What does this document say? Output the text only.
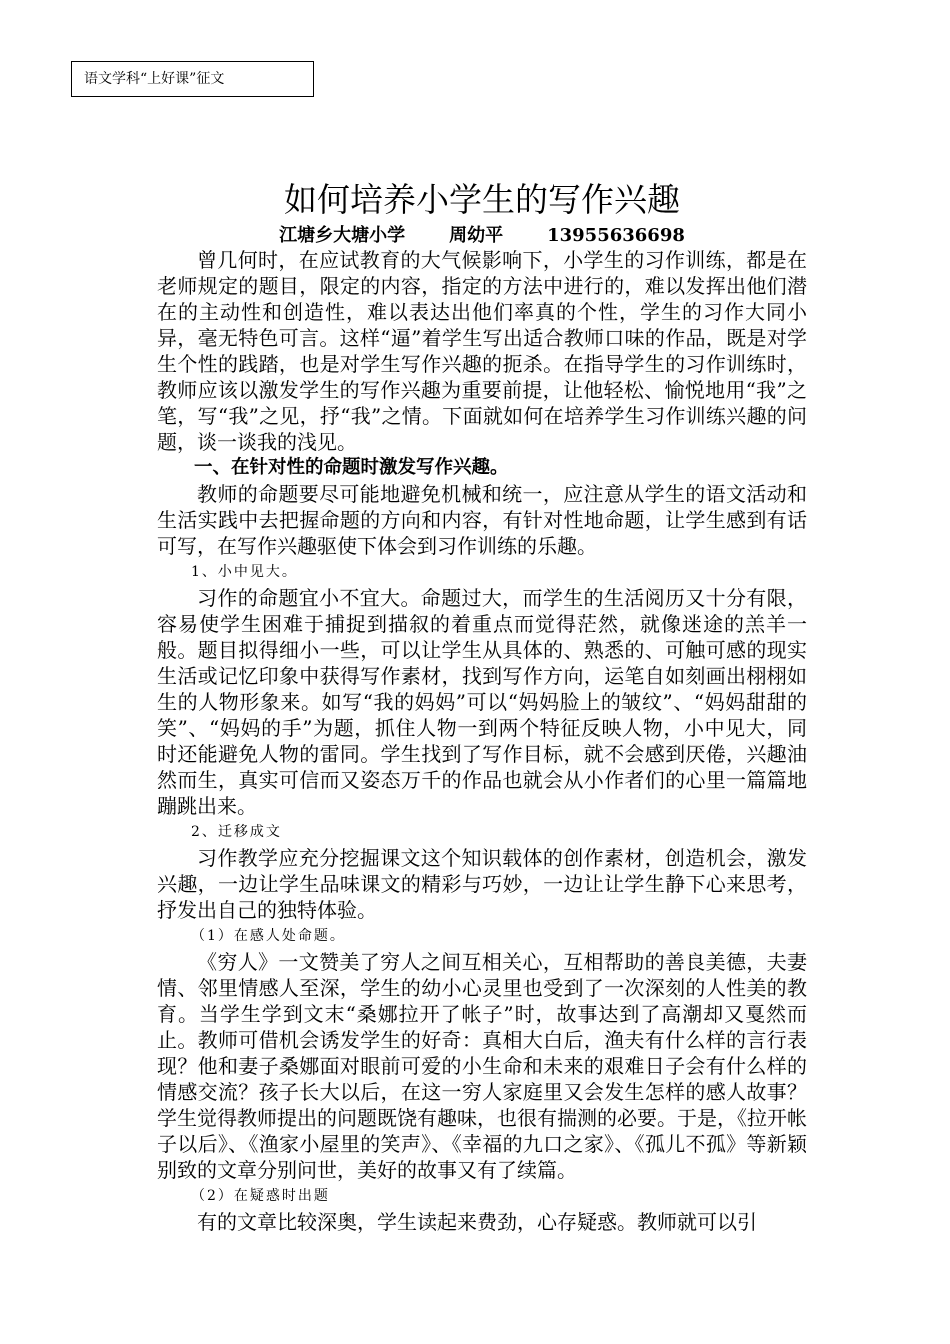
语文学科“上好课”征文
如何培养小学生的写作兴趣
江塘乡大塘小学 周幼平 13955636698

曾几何时，在应试教育的大气候影响下，小学生的习作训练，都是在老师规定的题目，限定的内容，指定的方法中进行的，难以发挥出他们潜在的主动性和创造性，难以表达出他们率真的个性，学生的习作大同小异，毫无特色可言。这样“逼”着学生写出适合教师口味的作品，既是对学生个性的践踏，也是对学生写作兴趣的扼杀。在指导学生的习作训练时，教师应该以激发学生的写作兴趣为重要前提，让他轻松、愉悦地用“我”之笔，写“我”之见，抒“我”之情。下面就如何在培养学生习作训练兴趣的问题，谈一谈我的浅见。

一、在针对性的命题时激发写作兴趣。

教师的命题要尽可能地避免机械和统一，应注意从学生的语文活动和生活实践中去把握命题的方向和内容，有针对性地命题，让学生感到有话可写，在写作兴趣驱使下体会到习作训练的乐趣。

1、小中见大。

习作的命题宜小不宜大。命题过大，而学生的生活阅历又十分有限，容易使学生困难于捕捉到描叙的着重点而觉得茫然，就像迷途的羔羊一般。题目拟得细小一些，可以让学生从具体的、熟悉的、可触可感的现实生活或记忆印象中获得写作素材，找到写作方向，运笔自如刻画出栩栩如生的人物形象来。如写“我的妈妈”可以“妈妈脸上的皱纹”、“妈妈甜甜的笑”、“妈妈的手”为题，抓住人物一到两个特征反映人物，小中见大，同时还能避免人物的雷同。学生找到了写作目标，就不会感到厌倦，兴趣油然而生，真实可信而又姿态万千的作品也就会从小作者们的心里一篇篇地蹦跳出来。

2、迁移成文

习作教学应充分挖掘课文这个知识载体的创作素材，创造机会，激发兴趣，一边让学生品味课文的精彩与巧妙，一边让让学生静下心来思考，抒发出自己的独特体验。

（1）在感人处命题。

《穷人》一文赞美了穷人之间互相关心，互相帮助的善良美德，夫妻情、邻里情感人至深，学生的幼小心灵里也受到了一次深刻的人性美的教育。当学生学到文末“桑娜拉开了帐子”时，故事达到了高潮却又戛然而止。教师可借机会诱发学生的好奇：真相大白后，渔夫有什么样的言行表现？他和妻子桑娜面对眼前可爱的小生命和未来的艰难日子会有什么样的情感交流？孩子长大以后，在这一穷人家庭里又会发生怎样的感人故事？学生觉得教师提出的问题既饶有趣味，也很有揣测的必要。于是，《拉开帐子以后》、《渔家小屋里的笑声》、《幸福的九口之家》、《孤儿不孤》等新颖别致的文章分别问世，美好的故事又有了续篇。

（2）在疑惑时出题

有的文章比较深奥，学生读起来费劲，心存疑惑。教师就可以引
